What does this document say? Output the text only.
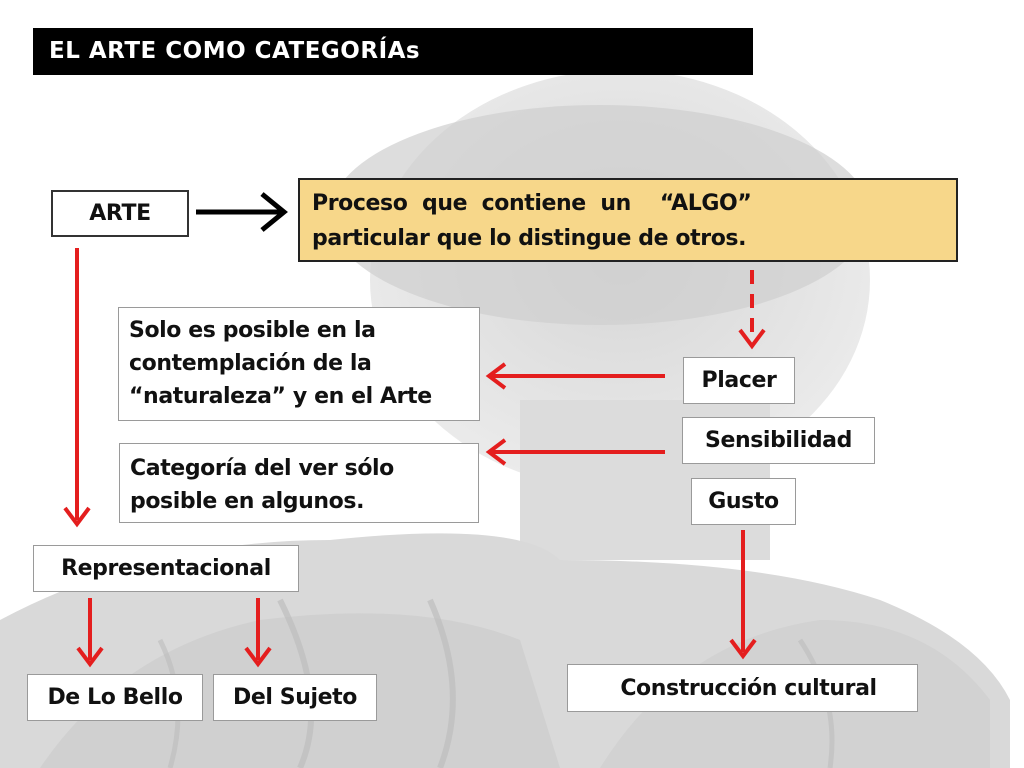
EL ARTE COMO CATEGORÍAs
ARTE	Proceso  que  contiene  un    “ALGO”
particular que lo distingue de otros.
Solo es posible en la
contemplación de la
“naturaleza” y en el Arte
Categoría del ver sólo
posible en algunos.
Placer
Sensibilidad
Gusto
Representacional
De Lo Bello Del Sujeto	Construcción cultural
